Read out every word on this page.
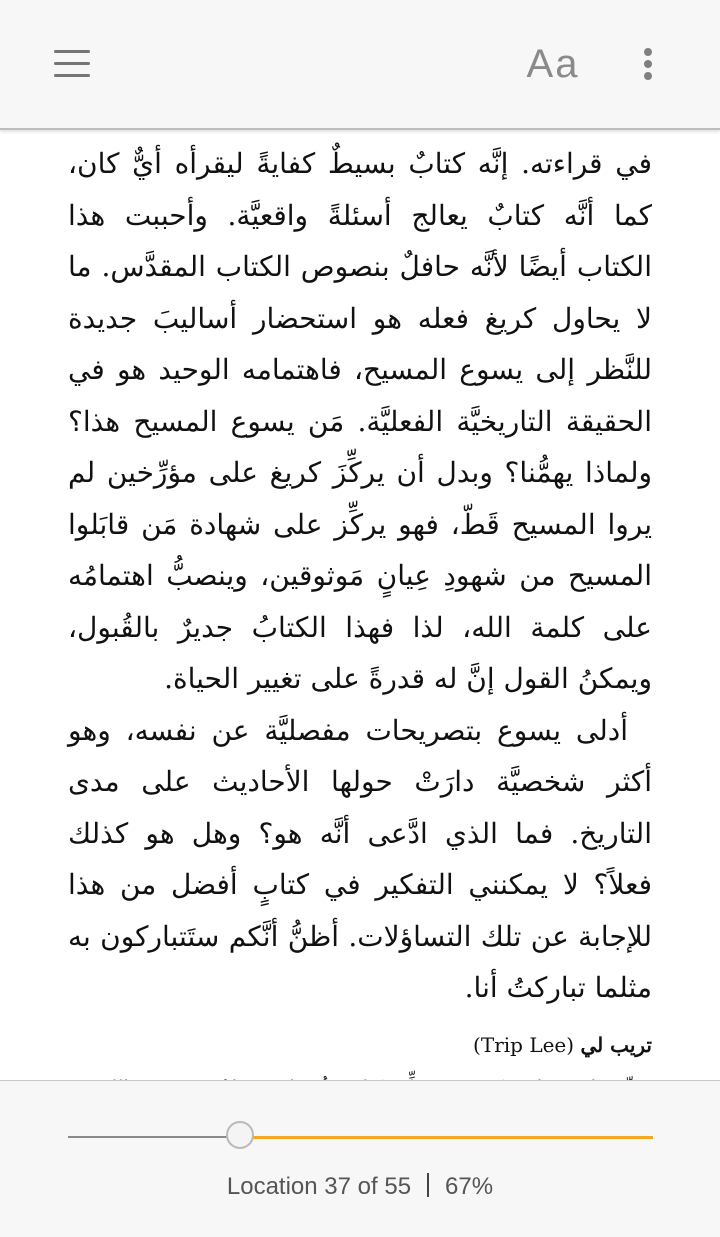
Aa

في قراءته. إنَّه كتابٌ بسيطٌ كفايةً ليقرأه أيٌّ كان، كما أنَّه كتابٌ يعالج أسئلةً واقعيَّة. وأحببت هذا الكتاب أيضًا لأنَّه حافلٌ بنصوص الكتاب المقدَّس. ما لا يحاول كريغ فعله هو استحضار أساليبَ جديدة للنَّظر إلى يسوع المسيح، فاهتمامه الوحيد هو في الحقيقة التاريخيَّة الفعليَّة. مَن يسوع المسيح هذا؟ ولماذا يهمُّنا؟ وبدل أن يركِّزَ كريغ على مؤرِّخين لم يروا المسيح قَطّ، فهو يركِّز على شهادة مَن قابَلوا المسيح من شهودِ عِيانٍ مَوثوقين، وينصبُّ اهتمامُه على كلمة الله، لذا فهذا الكتابُ جديرٌ بالقُبول، ويمكنُ القول إنَّ له قدرةً على تغيير الحياة.

أدلى يسوع بتصريحات مفصليَّة عن نفسه، وهو أكثر شخصيَّة دارَتْ حولها الأحاديث على مدى التاريخ. فما الذي ادَّعى أنَّه هو؟ وهل هو كذلك فعلاً؟ لا يمكنني التفكير في كتابٍ أفضل من هذا للإجابة عن تلك التساؤلات. أظنُّ أنَّكم ستَتباركون به مثلما تباركتُ أنا.

تريب لي (Trip Lee)

Location 37 of 55 67%
